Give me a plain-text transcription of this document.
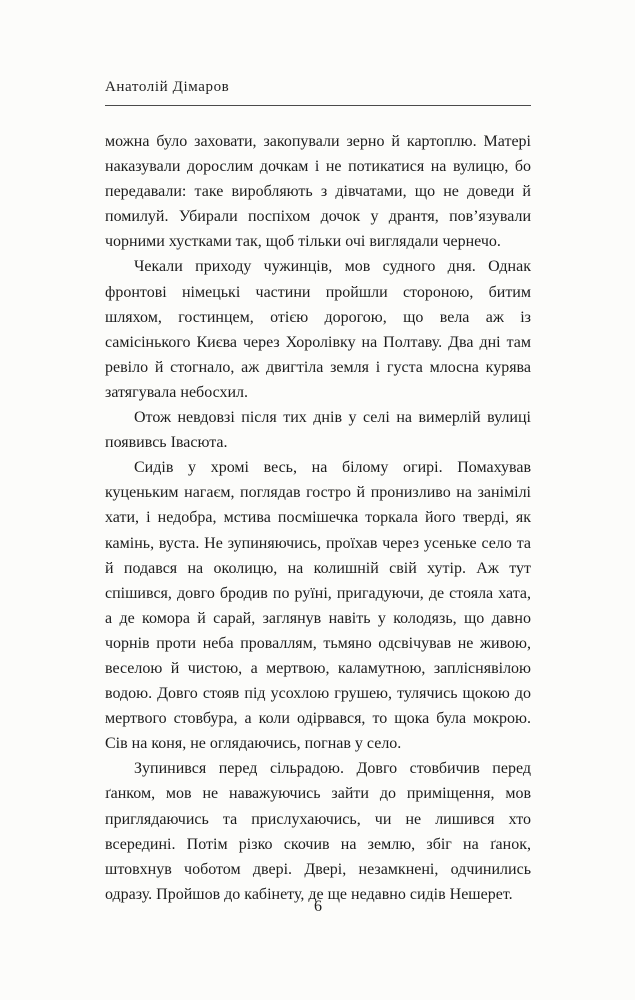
Анатолій Дімаров

можна було заховати, закопували зерно й картоплю. Матері наказували дорослим дочкам і не потикатися на вулицю, бо передавали: таке виробляють з дівчатами, що не доведи й помилуй. Убирали поспіхом дочок у дрантя, пов’язували чорними хустками так, щоб тільки очі виглядали чернечо.

Чекали приходу чужинців, мов судного дня. Однак фронтові німецькі частини пройшли стороною, битим шляхом, гостинцем, отією дорогою, що вела аж із самісінького Києва через Хоролівку на Полтаву. Два дні там ревіло й стогнало, аж двигтіла земля і густа млосна курява затягувала небосхил.

Отож невдовзі після тих днів у селі на вимерлій вулиці появивсь Івасюта.

Сидів у хромі весь, на білому огирі. Помахував куценьким нагаєм, поглядав гостро й пронизливо на занімілі хати, і недобра, мстива посмішечка торкала його тверді, як камінь, вуста. Не зупиняючись, проїхав через усеньке село та й подався на околицю, на колишній свій хутір. Аж тут спішився, довго бродив по руїні, пригадуючи, де стояла хата, а де комора й сарай, заглянув навіть у колодязь, що давно чорнів проти неба проваллям, тьмяно одсвічував не живою, веселою й чистою, а мертвою, каламутною, запліснявілою водою. Довго стояв під усохлою грушею, тулячись щокою до мертвого стовбура, а коли одірвався, то щока була мокрою. Сів на коня, не оглядаючись, погнав у село.

Зупинився перед сільрадою. Довго стовбичив перед ґанком, мов не наважуючись зайти до приміщення, мов приглядаючись та прислухаючись, чи не лишився хто всередині. Потім різко скочив на землю, збіг на ґанок, штовхнув чоботом двері. Двері, незамкнені, одчинились одразу. Пройшов до кабінету, де ще недавно сидів Нешерет.

6
